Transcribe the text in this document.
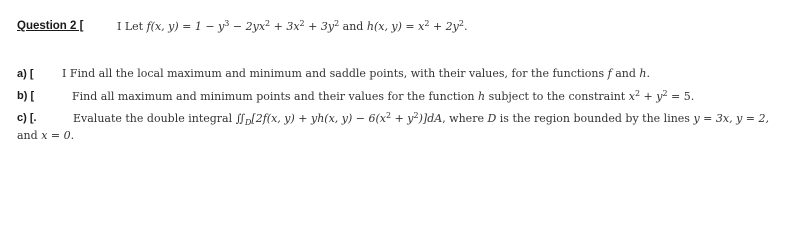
Question 2 [	I Let f(x, $y) = 1 - y^3 - 2yx^2 + 3x^2 + 3y^2$ and h(x, $y) = x^2 + 2y^2$.
a) [	I Find all the local maximum and minimum and saddle points, with their values, for the functions f and h.
b) [	Find all maximum and minimum points and their values for the function h subject to the constraint $x^2 + y^2 = 5$.
c) [.	Evaluate the double integral $∬_D[2f(x$, y) + yh(x, $y) - 6(x^2 + y^2)]dA$, where D is the region bounded by the lines y = 3x, y = 2,
and x = 0.
